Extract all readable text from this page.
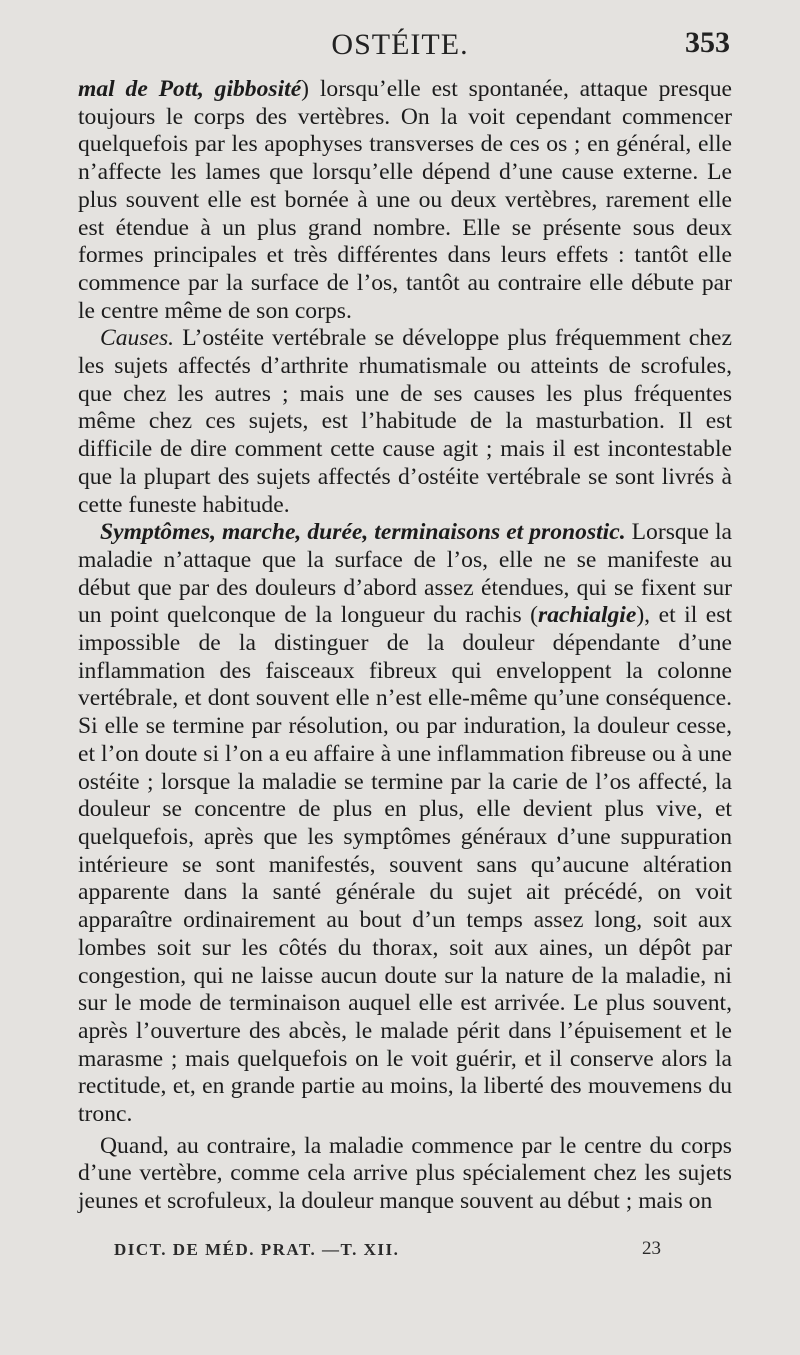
OSTÉITE.	353

mal de Pott, gibbosité) lorsqu’elle est spontanée, attaque presque toujours le corps des vertèbres. On la voit cependant commencer quelquefois par les apophyses transverses de ces os ; en général, elle n’affecte les lames que lorsqu’elle dépend d’une cause externe. Le plus souvent elle est bornée à une ou deux vertèbres, rarement elle est étendue à un plus grand nombre. Elle se présente sous deux formes principales et très différentes dans leurs effets : tantôt elle commence par la surface de l’os, tantôt au contraire elle débute par le centre même de son corps.

Causes. L’ostéite vertébrale se développe plus fréquemment chez les sujets affectés d’arthrite rhumatismale ou atteints de scrofules, que chez les autres ; mais une de ses causes les plus fréquentes même chez ces sujets, est l’habitude de la masturbation. Il est difficile de dire comment cette cause agit ; mais il est incontestable que la plupart des sujets affectés d’ostéite vertébrale se sont livrés à cette funeste habitude.

Symptômes, marche, durée, terminaisons et pronostic. Lorsque la maladie n’attaque que la surface de l’os, elle ne se manifeste au début que par des douleurs d’abord assez étendues, qui se fixent sur un point quelconque de la longueur du rachis (rachialgie), et il est impossible de la distinguer de la douleur dépendante d’une inflammation des faisceaux fibreux qui enveloppent la colonne vertébrale, et dont souvent elle n’est elle-même qu’une conséquence. Si elle se termine par résolution, ou par induration, la douleur cesse, et l’on doute si l’on a eu affaire à une inflammation fibreuse ou à une ostéite ; lorsque la maladie se termine par la carie de l’os affecté, la douleur se concentre de plus en plus, elle devient plus vive, et quelquefois, après que les symptômes généraux d’une suppuration intérieure se sont manifestés, souvent sans qu’aucune altération apparente dans la santé générale du sujet ait précédé, on voit apparaître ordinairement au bout d’un temps assez long, soit aux lombes soit sur les côtés du thorax, soit aux aines, un dépôt par congestion, qui ne laisse aucun doute sur la nature de la maladie, ni sur le mode de terminaison auquel elle est arrivée. Le plus souvent, après l’ouverture des abcès, le malade périt dans l’épuisement et le marasme ; mais quelquefois on le voit guérir, et il conserve alors la rectitude, et, en grande partie au moins, la liberté des mouvemens du tronc.

Quand, au contraire, la maladie commence par le centre du corps d’une vertèbre, comme cela arrive plus spécialement chez les sujets jeunes et scrofuleux, la douleur manque souvent au début ; mais on

DICT. DE MÉD. PRAT. —T. XII.	23
